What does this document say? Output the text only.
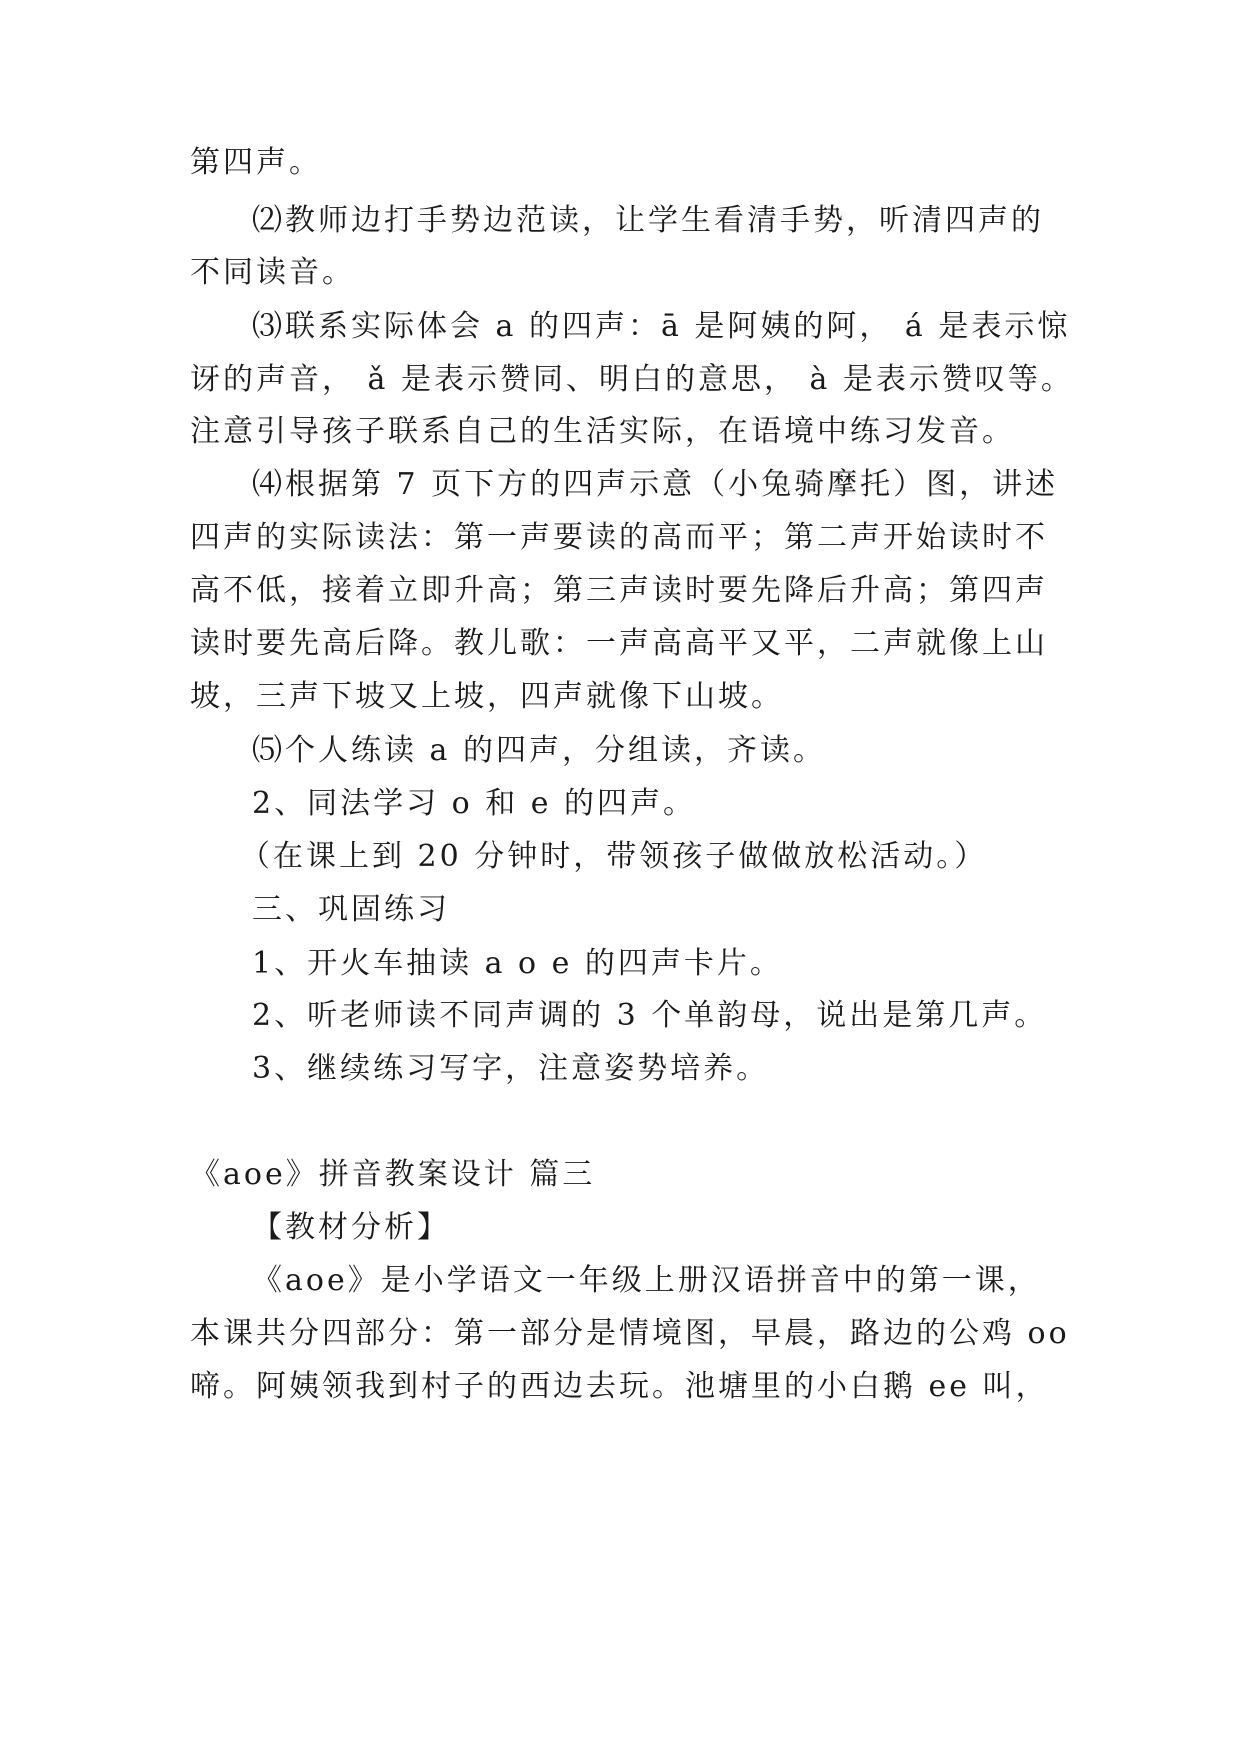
第四声。
⑵教师边打手势边范读，让学生看清手势，听清四声的
不同读音。
⑶联系实际体会 a 的四声：ā 是阿姨的阿， á 是表示惊
讶的声音， ǎ 是表示赞同、明白的意思， à 是表示赞叹等。
注意引导孩子联系自己的生活实际，在语境中练习发音。
⑷根据第 7 页下方的四声示意（小兔骑摩托）图，讲述
四声的实际读法：第一声要读的高而平；第二声开始读时不
高不低，接着立即升高；第三声读时要先降后升高；第四声
读时要先高后降。教儿歌：一声高高平又平，二声就像上山
坡，三声下坡又上坡，四声就像下山坡。
⑸个人练读 a 的四声，分组读，齐读。
2、同法学习 o 和 e 的四声。
（在课上到 20 分钟时，带领孩子做做放松活动。）
三、巩固练习
1、开火车抽读 a o e 的四声卡片。
2、听老师读不同声调的 3 个单韵母，说出是第几声。
3、继续练习写字，注意姿势培养。
《aoe》拼音教案设计 篇三
【教材分析】
《aoe》是小学语文一年级上册汉语拼音中的第一课，
本课共分四部分：第一部分是情境图，早晨，路边的公鸡 oo
啼。阿姨领我到村子的西边去玩。池塘里的小白鹅 ee 叫，
